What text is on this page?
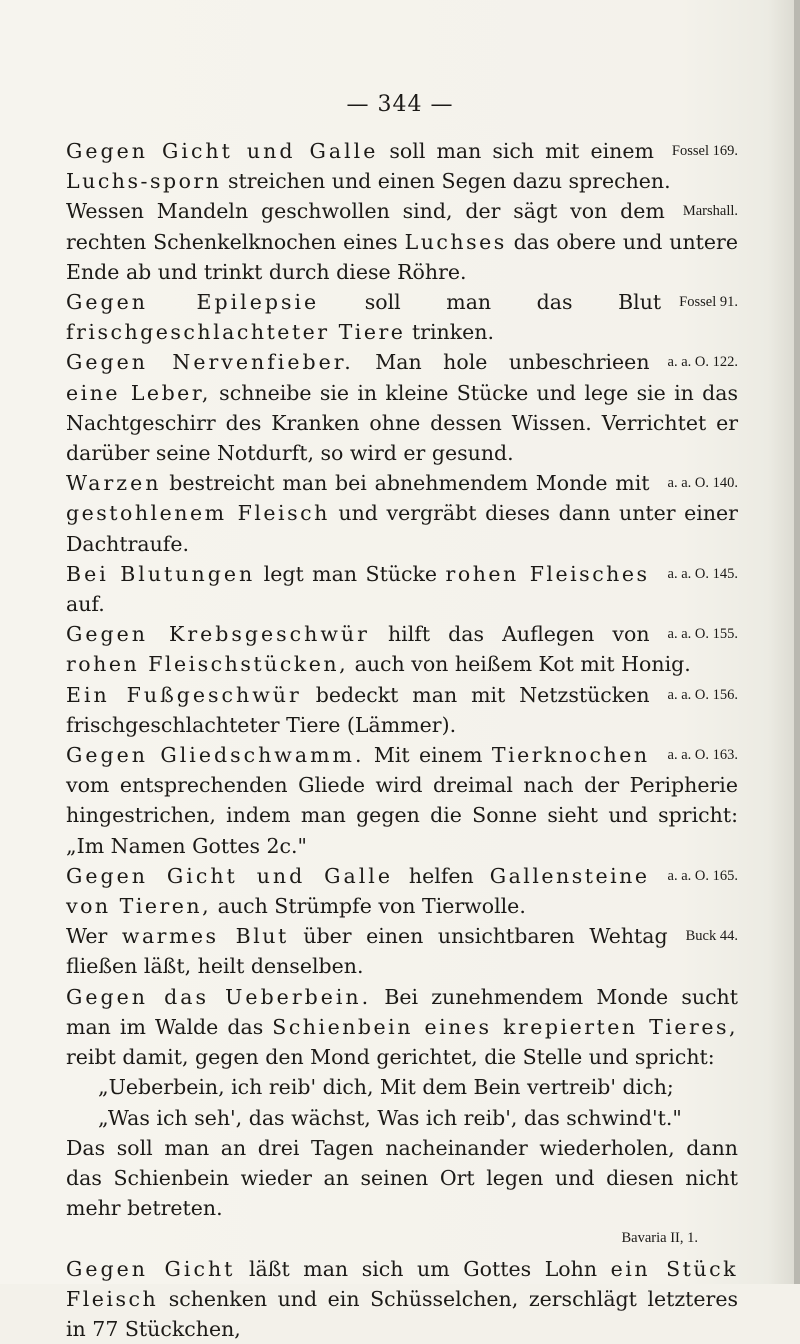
— 344 —

Fossel 169.
Gegen Gicht und Galle soll man sich mit einem Luchs-sporn streichen und einen Segen dazu sprechen.

Marshall.
Wessen Mandeln geschwollen sind, der sägt von dem rechten Schenkelknochen eines Luchses das obere und untere Ende ab und trinkt durch diese Röhre.

Fossel 91.
Gegen Epilepsie soll man das Blut frischgeschlachteter Tiere trinken.

a. a. O. 122.
Gegen Nervenfieber. Man hole unbeschrieen eine Leber, schneibe sie in kleine Stücke und lege sie in das Nachtgeschirr des Kranken ohne dessen Wissen. Verrichtet er darüber seine Notdurft, so wird er gesund.

a. a. O. 140.
Warzen bestreicht man bei abnehmendem Monde mit gestohlenem Fleisch und vergräbt dieses dann unter einer Dachtraufe.

a. a. O. 145.
Bei Blutungen legt man Stücke rohen Fleisches auf.

a. a. O. 155.
Gegen Krebsgeschwür hilft das Auflegen von rohen Fleischstücken, auch von heißem Kot mit Honig.

a. a. O. 156.
Ein Fußgeschwür bedeckt man mit Netzstücken frischgeschlachteter Tiere (Lämmer).

a. a. O. 163.
Gegen Gliedschwamm. Mit einem Tierknochen vom entsprechenden Gliede wird dreimal nach der Peripherie hingestrichen, indem man gegen die Sonne sieht und spricht: „Im Namen Gottes 2c."

a. a. O. 165.
Gegen Gicht und Galle helfen Gallensteine von Tieren, auch Strümpfe von Tierwolle.

Buck 44.
Wer warmes Blut über einen unsichtbaren Wehtag fließen läßt, heilt denselben.

Gegen das Ueberbein. Bei zunehmendem Monde sucht man im Walde das Schienbein eines krepierten Tieres, reibt damit, gegen den Mond gerichtet, die Stelle und spricht:

„Ueberbein, ich reib' dich, Mit dem Bein vertreib' dich;

„Was ich seh', das wächst, Was ich reib', das schwind't."

Das soll man an drei Tagen nacheinander wiederholen, dann das Schienbein wieder an seinen Ort legen und diesen nicht mehr betreten.

Bavaria II, 1.

Gegen Gicht läßt man sich um Gottes Lohn ein Stück Fleisch schenken und ein Schüsselchen, zerschlägt letzteres in 77 Stückchen,
